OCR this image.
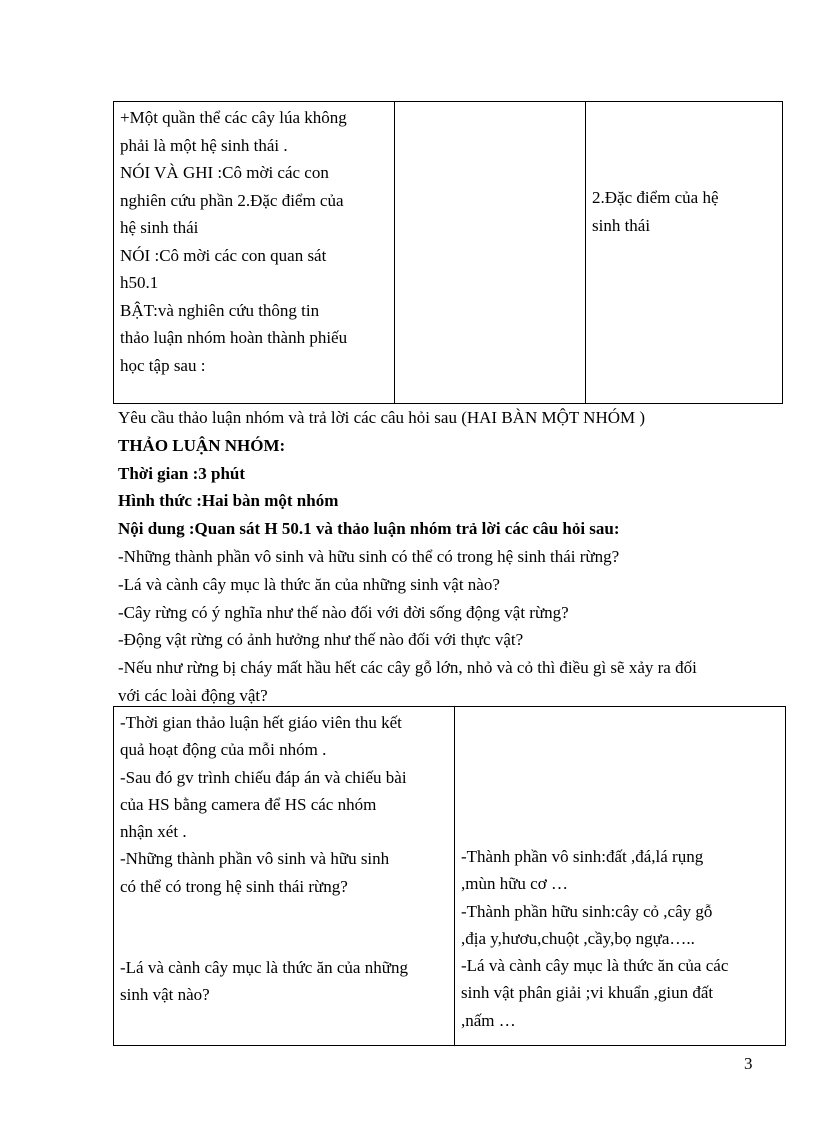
+Một quần thể các cây lúa không
phải là một hệ sinh thái .
NÓI VÀ GHI :Cô mời các con
nghiên cứu phần 2.Đặc điểm của
hệ sinh thái
NÓI :Cô mời các con quan sát
h50.1
BẬT:và nghiên cứu thông tin
thảo luận nhóm hoàn thành phiếu
học tập sau :

2.Đặc điểm của hệ
sinh thái
Yêu cầu thảo luận nhóm và trả lời các câu hỏi sau (HAI BÀN MỘT NHÓM )
THẢO LUẬN NHÓM:
Thời gian :3 phút
Hình thức :Hai bàn một nhóm
Nội dung :Quan sát H 50.1 và thảo luận nhóm trả lời các câu hỏi sau:
-Những thành phần vô sinh và hữu sinh có thể có trong hệ sinh thái rừng?
-Lá và cành cây mục là thức ăn của những sinh vật nào?
-Cây rừng có ý nghĩa như thế nào đối với đời sống động vật rừng?
-Động vật rừng có ảnh hưởng như thế nào đối với thực vật?
-Nếu như rừng bị cháy mất hầu hết các cây gỗ lớn, nhỏ và cỏ thì điều gì sẽ xảy ra đối
với các loài động vật?
-Thời gian thảo luận hết giáo viên thu kết
quả hoạt động của mỗi nhóm .
-Sau đó gv trình chiếu đáp án và chiếu bài
của HS bằng camera để HS các nhóm
nhận xét .
-Những thành phần vô sinh và hữu sinh
có thể có trong hệ sinh thái rừng?
-Lá và cành cây mục là thức ăn của những
sinh vật nào?

-Thành phần vô sinh:đất ,đá,lá rụng
,mùn hữu cơ …
-Thành phần hữu sinh:cây cỏ ,cây gỗ
,địa y,hươu,chuột ,cầy,bọ ngựa…..
-Lá và cành cây mục là thức ăn của các
sinh vật phân giải ;vi khuẩn ,giun đất
,nấm …
3
